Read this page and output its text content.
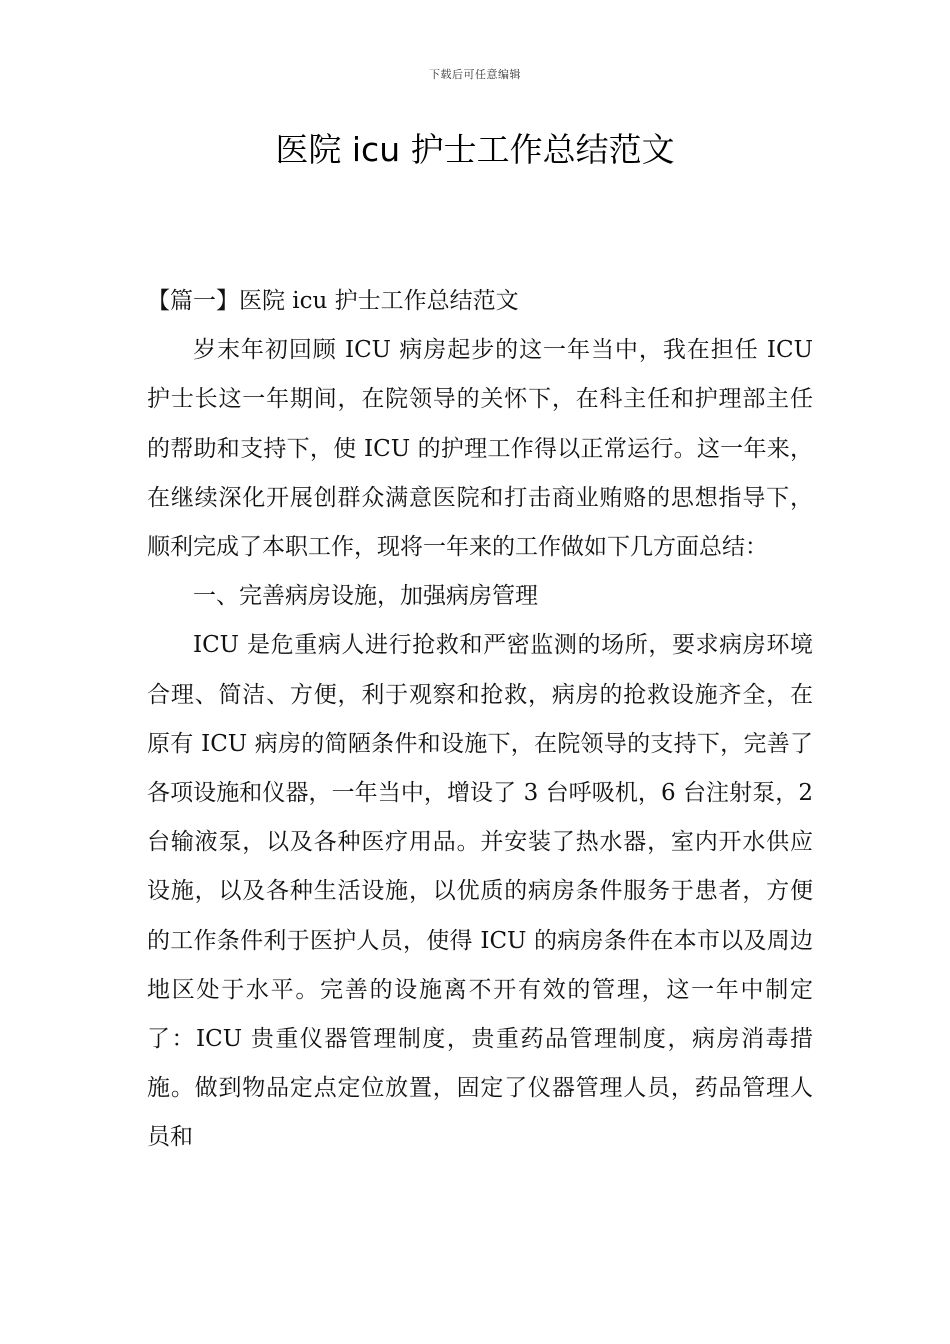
下载后可任意编辑
医院 icu 护士工作总结范文

【篇一】医院 icu 护士工作总结范文

岁末年初回顾 ICU 病房起步的这一年当中，我在担任 ICU 护士长这一年期间，在院领导的关怀下，在科主任和护理部主任的帮助和支持下，使 ICU 的护理工作得以正常运行。这一年来，在继续深化开展创群众满意医院和打击商业贿赂的思想指导下，顺利完成了本职工作，现将一年来的工作做如下几方面总结：

一、完善病房设施，加强病房管理

ICU 是危重病人进行抢救和严密监测的场所，要求病房环境合理、简洁、方便，利于观察和抢救，病房的抢救设施齐全，在原有 ICU 病房的简陋条件和设施下，在院领导的支持下，完善了各项设施和仪器，一年当中，增设了 3 台呼吸机，6 台注射泵，2 台输液泵，以及各种医疗用品。并安装了热水器，室内开水供应设施，以及各种生活设施，以优质的病房条件服务于患者，方便的工作条件利于医护人员，使得 ICU 的病房条件在本市以及周边地区处于水平。完善的设施离不开有效的管理，这一年中制定了：ICU 贵重仪器管理制度，贵重药品管理制度，病房消毒措施。做到物品定点定位放置，固定了仪器管理人员，药品管理人员和
